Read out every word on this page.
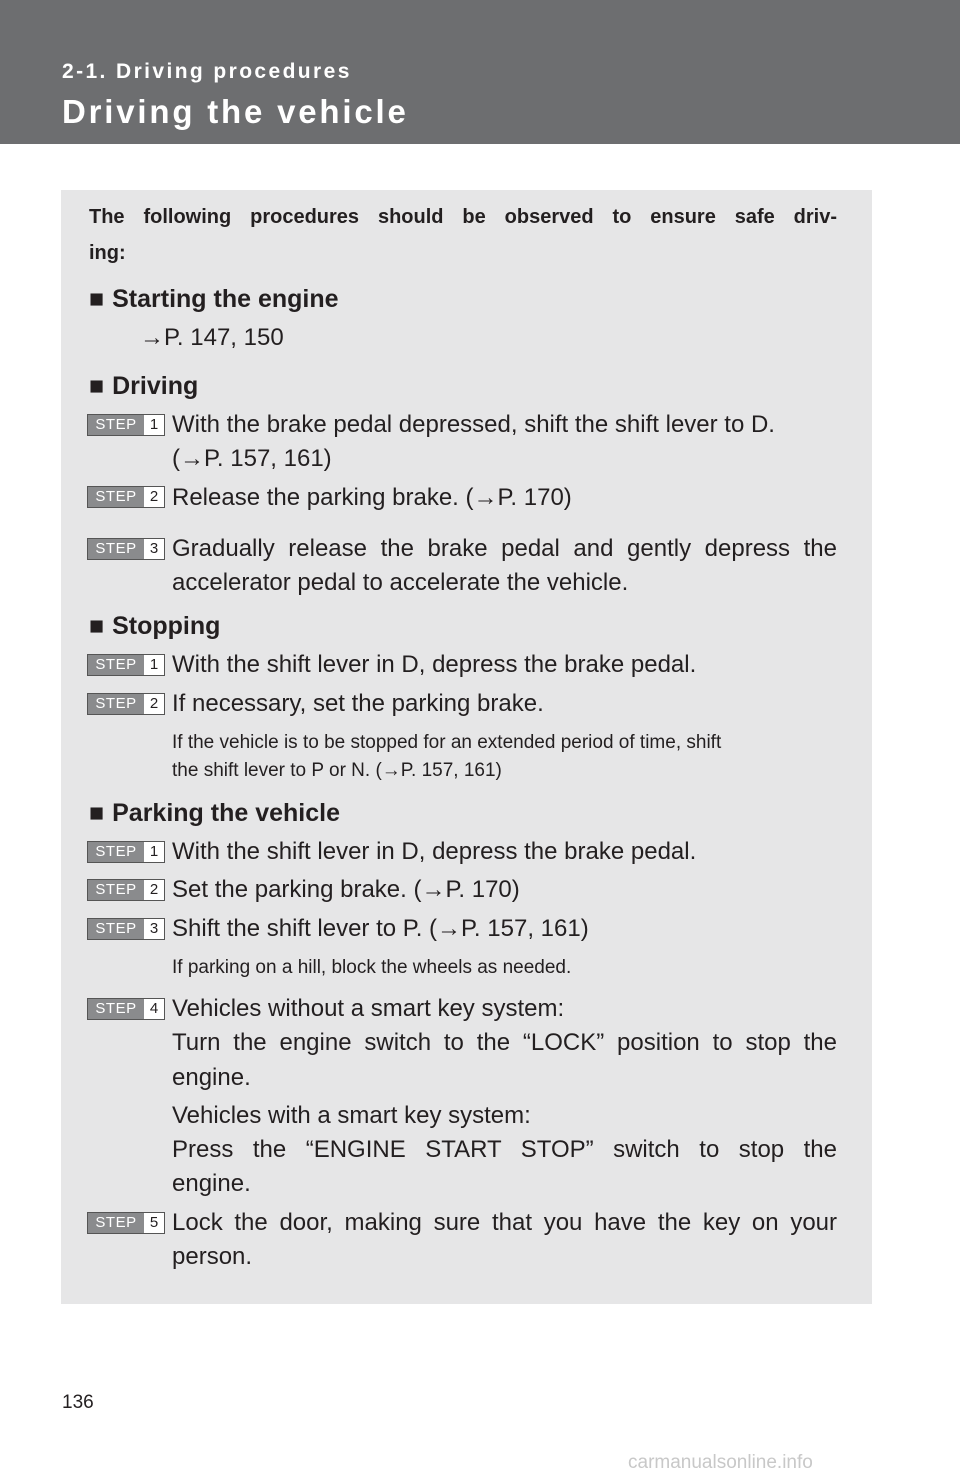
2-1. Driving procedures
Driving the vehicle
The following procedures should be observed to ensure safe driv-
ing:
■ Starting the engine
→P. 147, 150
■ Driving
STEP 1 With the brake pedal depressed, shift the shift lever to D.
(→P. 157, 161)
STEP 2 Release the parking brake. (→P. 170)
STEP 3 Gradually release the brake pedal and gently depress the
accelerator pedal to accelerate the vehicle.
■ Stopping
STEP 1 With the shift lever in D, depress the brake pedal.
STEP 2 If necessary, set the parking brake.
If the vehicle is to be stopped for an extended period of time, shift
the shift lever to P or N. (→P. 157, 161)
■ Parking the vehicle
STEP 1 With the shift lever in D, depress the brake pedal.
STEP 2 Set the parking brake. (→P. 170)
STEP 3 Shift the shift lever to P. (→P. 157, 161)
If parking on a hill, block the wheels as needed.
STEP 4 Vehicles without a smart key system:
Turn the engine switch to the “LOCK” position to stop the
engine.
Vehicles with a smart key system:
Press the “ENGINE START STOP” switch to stop the
engine.
STEP 5 Lock the door, making sure that you have the key on your
person.
136
carmanualsonline.info
